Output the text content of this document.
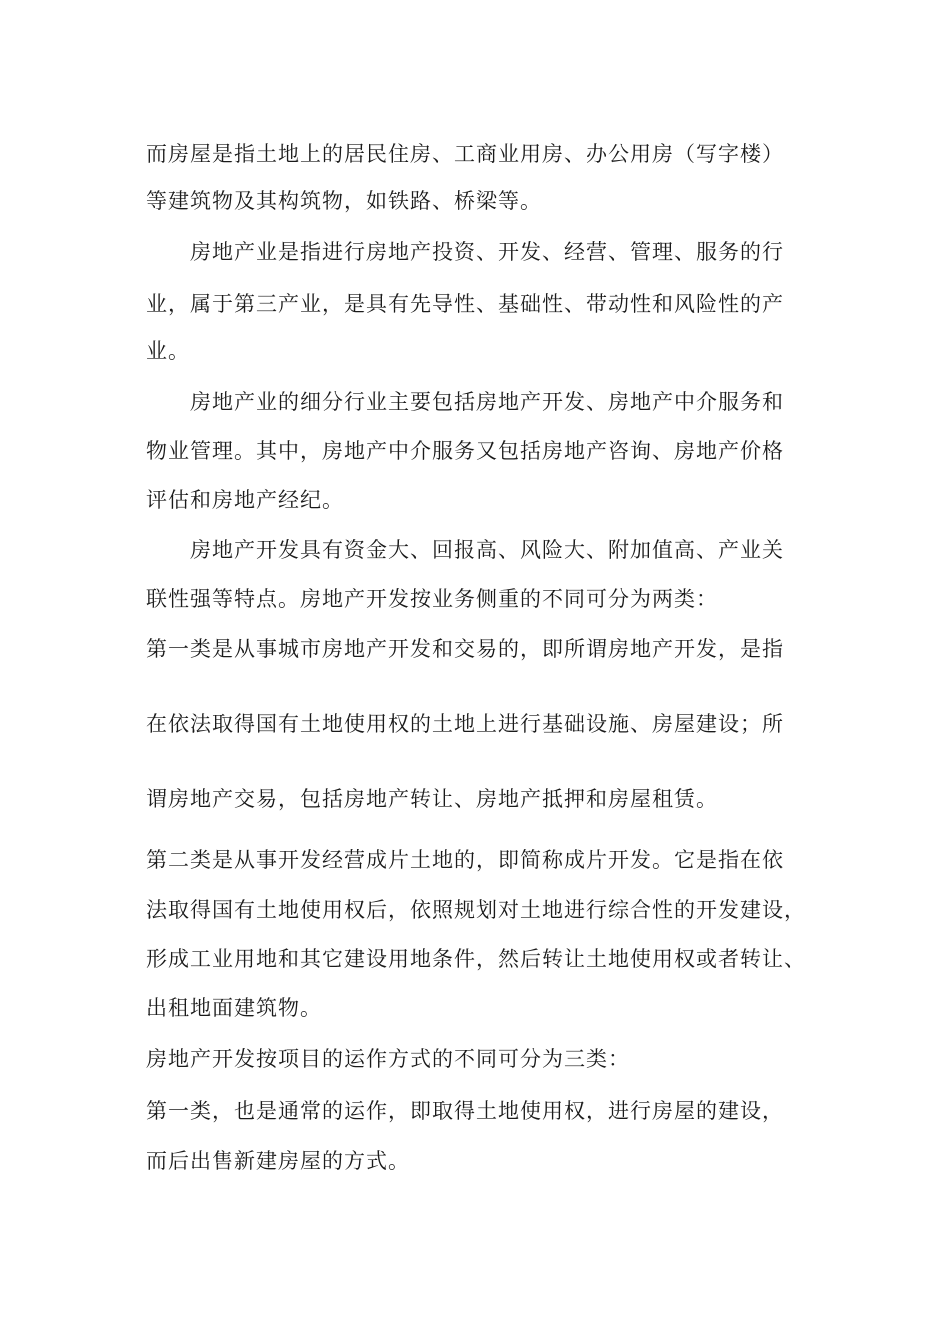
而房屋是指土地上的居民住房、工商业用房、办公用房（写字楼）
等建筑物及其构筑物，如铁路、桥梁等。
房地产业是指进行房地产投资、开发、经营、管理、服务的行
业，属于第三产业，是具有先导性、基础性、带动性和风险性的产
业。
房地产业的细分行业主要包括房地产开发、房地产中介服务和
物业管理。其中，房地产中介服务又包括房地产咨询、房地产价格
评估和房地产经纪。
房地产开发具有资金大、回报高、风险大、附加值高、产业关
联性强等特点。房地产开发按业务侧重的不同可分为两类：
第一类是从事城市房地产开发和交易的，即所谓房地产开发，是指
在依法取得国有土地使用权的土地上进行基础设施、房屋建设；所
谓房地产交易，包括房地产转让、房地产抵押和房屋租赁。
第二类是从事开发经营成片土地的，即简称成片开发。它是指在依
法取得国有土地使用权后，依照规划对土地进行综合性的开发建设，
形成工业用地和其它建设用地条件，然后转让土地使用权或者转让、
出租地面建筑物。
房地产开发按项目的运作方式的不同可分为三类：
第一类，也是通常的运作，即取得土地使用权，进行房屋的建设，
而后出售新建房屋的方式。
